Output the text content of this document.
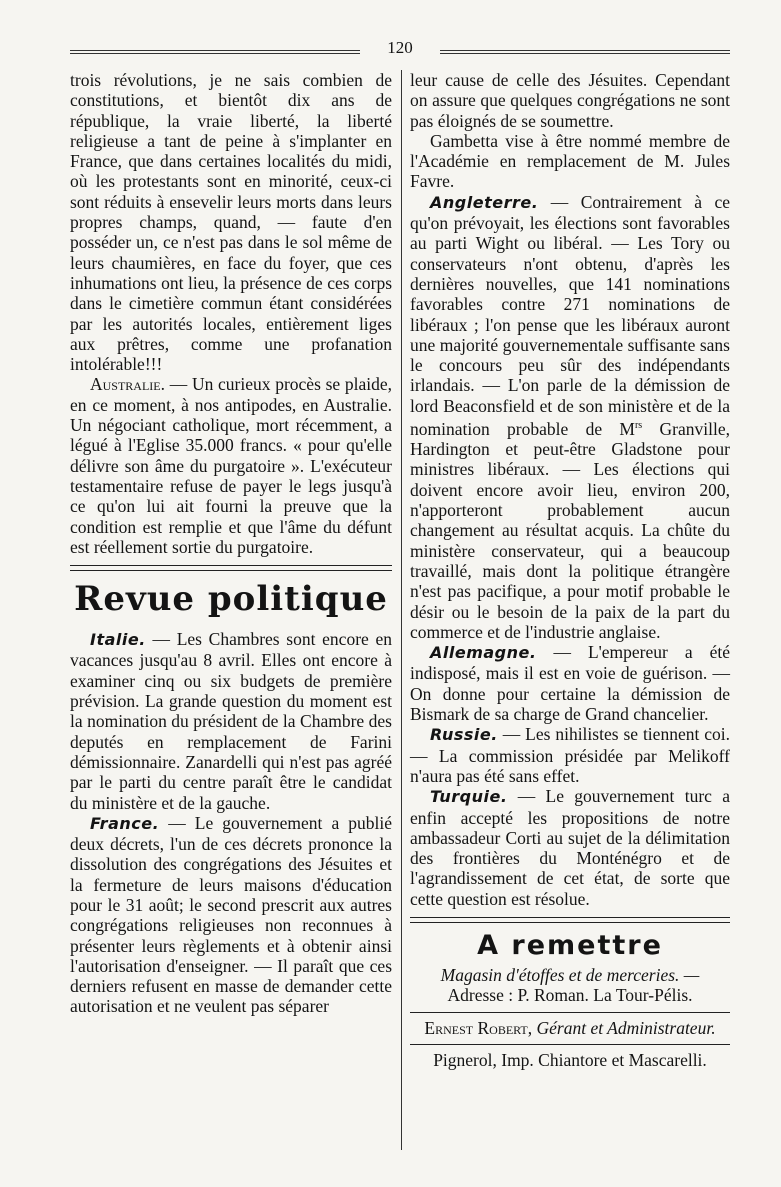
120

trois révolutions, je ne sais combien de constitutions, et bientôt dix ans de république, la vraie liberté, la liberté religieuse a tant de peine à s'implanter en France, que dans certaines localités du midi, où les protestants sont en minorité, ceux-ci sont réduits à ensevelir leurs morts dans leurs propres champs, quand, — faute d'en posséder un, ce n'est pas dans le sol même de leurs chaumières, en face du foyer, que ces inhumations ont lieu, la présence de ces corps dans le cimetière commun étant considérées par les autorités locales, entièrement liges aux prêtres, comme une profanation intolérable!!!

Australie. — Un curieux procès se plaide, en ce moment, à nos antipodes, en Australie. Un négociant catholique, mort récemment, a légué à l'Eglise 35.000 francs. « pour qu'elle délivre son âme du purgatoire ». L'exécuteur testamentaire refuse de payer le legs jusqu'à ce qu'on lui ait fourni la preuve que la condition est remplie et que l'âme du défunt est réellement sortie du purgatoire.

Revue politique

Italie. — Les Chambres sont encore en vacances jusqu'au 8 avril. Elles ont encore à examiner cinq ou six budgets de première prévision. La grande question du moment est la nomination du président de la Chambre des deputés en remplacement de Farini démissionnaire. Zanardelli qui n'est pas agréé par le parti du centre paraît être le candidat du ministère et de la gauche.

France. — Le gouvernement a publié deux décrets, l'un de ces décrets prononce la dissolution des congrégations des Jésuites et la fermeture de leurs maisons d'éducation pour le 31 août; le second prescrit aux autres congrégations religieuses non reconnues à présenter leurs règlements et à obtenir ainsi l'autorisation d'enseigner. — Il paraît que ces derniers refusent en masse de demander cette autorisation et ne veulent pas séparer

leur cause de celle des Jésuites. Cependant on assure que quelques congrégations ne sont pas éloignés de se soumettre.

Gambetta vise à être nommé membre de l'Académie en remplacement de M. Jules Favre.

Angleterre. — Contrairement à ce qu'on prévoyait, les élections sont favorables au parti Wight ou libéral. — Les Tory ou conservateurs n'ont obtenu, d'après les dernières nouvelles, que 141 nominations favorables contre 271 nominations de libéraux ; l'on pense que les libéraux auront une majorité gouvernementale suffisante sans le concours peu sûr des indépendants irlandais. — L'on parle de la démission de lord Beaconsfield et de son ministère et de la nomination probable de $M^{rs}$ Granville, Hardington et peut-être Gladstone pour ministres libéraux. — Les élections qui doivent encore avoir lieu, environ 200, n'apporteront probablement aucun changement au résultat acquis. La chûte du ministère conservateur, qui a beaucoup travaillé, mais dont la politique étrangère n'est pas pacifique, a pour motif probable le désir ou le besoin de la paix de la part du commerce et de l'industrie anglaise.

Allemagne. — L'empereur a été indisposé, mais il est en voie de guérison. — On donne pour certaine la démission de Bismark de sa charge de Grand chancelier.

Russie. — Les nihilistes se tiennent coi. — La commission présidée par Melikoff n'aura pas été sans effet.

Turquie. — Le gouvernement turc a enfin accepté les propositions de notre ambassadeur Corti au sujet de la délimitation des frontières du Monténégro et de l'agrandissement de cet état, de sorte que cette question est résolue.

A remettre

Magasin d'étoffes et de merceries. —

Adresse : P. Roman. La Tour-Pélis.

Ernest Robert, Gérant et Administrateur.

Pignerol, Imp. Chiantore et Mascarelli.
